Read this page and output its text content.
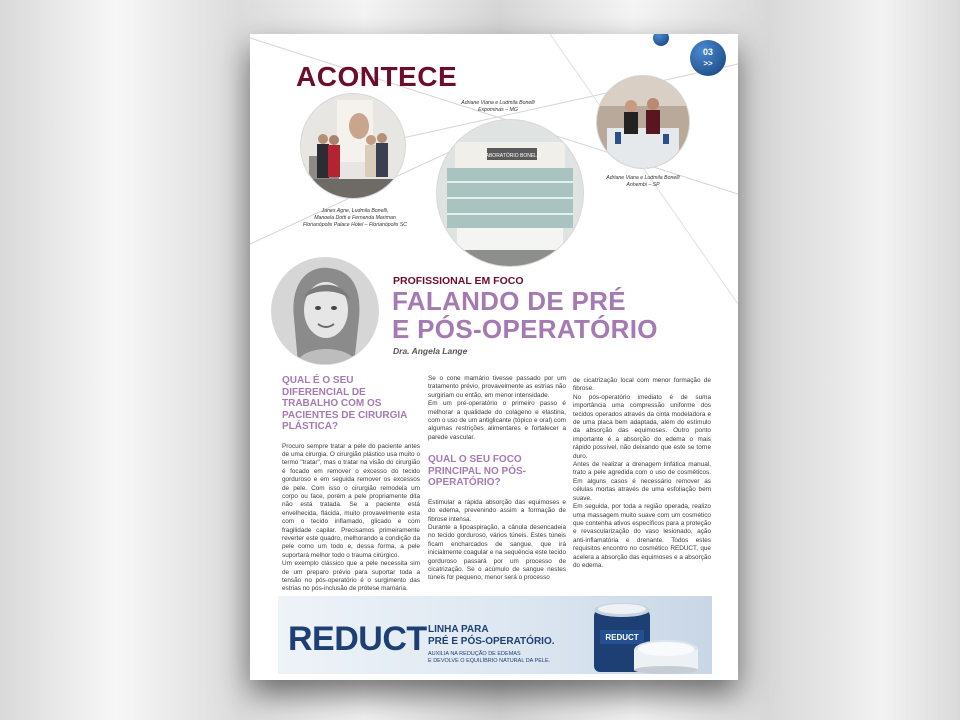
03
>>
ACONTECE
Janes Agne, Ludmila Bonelli,
Manoela Dotti e Fernanda Mariman
Florianópolis Palace Hotel – Florianópolis SC
Adriane Viana e Ludmila Bonelli
Expominas – MG
LABORATÓRIO BONELLI
Adriane Viana e Ludmila Bonelli
Anhembi – SP
PROFISSIONAL EM FOCO
FALANDO DE PRÉ
E PÓS-OPERATÓRIO
Dra. Angela Lange
QUAL É O SEU DIFERENCIAL DE TRABALHO COM OS PACIENTES DE CIRURGIA PLÁSTICA?

Procuro sempre tratar a pele do paciente antes de uma cirurgia. O cirurgião plástico usa muito o termo "tratar", mas o tratar na visão do cirurgião é focado em remover o excesso do tecido gorduroso e em seguida remover os excessos de pele. Com isso o cirurgião remodela um corpo ou face, porém a pele propriamente dita não está tratada. Se a paciente está envelhecida, flácida, muito provavelmente esta com o tecido inflamado, glicado e com fragilidade capilar. Precisamos primeiramente reverter este quadro, melhorando a condição da pele como um todo e, dessa forma, a pele suportará melhor todo o trauma cirúrgico.

Um exemplo clássico que a pele necessita sim de um preparo prévio para suportar toda a tensão no pós-operatório é o surgimento das estrias no pós-inclusão de prótese mamária.

Se o cone mamário tivesse passado por um tratamento prévio, provavelmente as estrias não surgiriam ou então, em menor intensidade.

Em um pré-operatório o primeiro passo é melhorar a qualidade do colágeno e elastina, com o uso de um antiglicante (tópico e oral) com algumas restrições alimentares e fortalecer a parede vascular.

QUAL O SEU FOCO PRINCIPAL NO PÓS-OPERATÓRIO?

Estimular a rápida absorção das equimoses e do edema, prevenindo assim a formação de fibrose intensa.

Durante a lipoaspiração, a cânula desencadeia no tecido gorduroso, vários túneis. Estes túneis ficam encharcados de sangue, que irá inicialmente coagular e na sequência este tecido gorduroso passará por um processo de cicatrização. Se o acúmulo de sangue nestes túneis for pequeno, menor será o processo

de cicatrização local com menor formação de fibrose.

No pós-operatório imediato é de suma importância uma compressão uniforme dos tecidos operados através da cinta modeladora e de uma placa bem adaptada, além do estímulo da absorção das equimoses. Outro ponto importante é a absorção do edema o mais rápido possível, não deixando que este se torne duro.

Antes de realizar a drenagem linfática manual, trato a pele agredida com o uso de cosméticos. Em alguns casos é necessário remover as células mortas através de uma esfoliação bem suave.

Em seguida, por toda a região operada, realizo uma massagem muito suave com um cosmético que contenha ativos específicos para a proteção e revascularização do vaso lesionado, ação anti-inflamatória e drenante. Todos estes requisitos encontro no cosmético REDUCT, que acelera a absorção das equimoses e a absorção do edema.

REDUCT LINHA PARA
PRÉ E PÓS-OPERATÓRIO.
AUXILIA NA REDUÇÃO DE EDEMAS
E DEVOLVE O EQUILÍBRIO NATURAL DA PELE.
REDUCT
